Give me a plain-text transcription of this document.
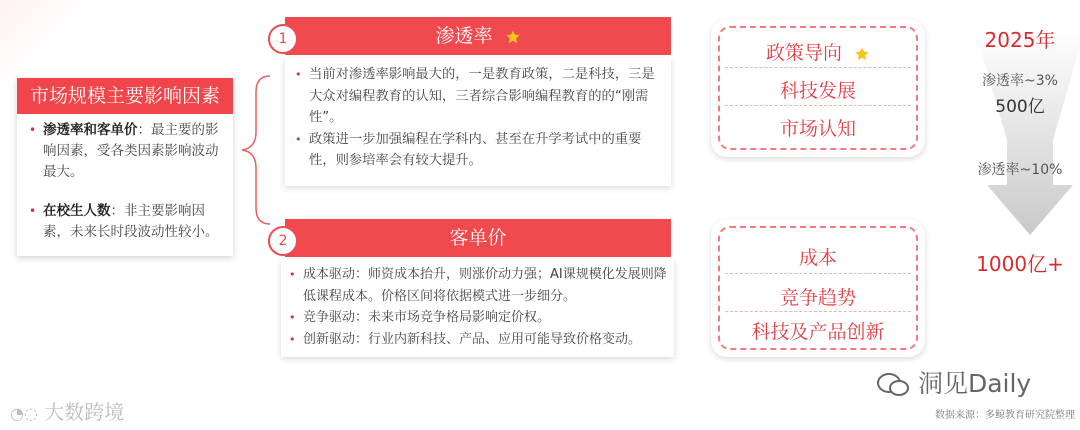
市场规模主要影响因素
• 渗透率和客单价：最主要的影响因素，受各类因素影响波动最大。
• 在校生人数：非主要影响因素，未来长时段波动性较小。
渗透率
1
• 当前对渗透率影响最大的，一是教育政策，二是科技，三是大众对编程教育的认知，三者综合影响编程教育的的“刚需性”。
• 政策进一步加强编程在学科内、甚至在升学考试中的重要性，则参培率会有较大提升。
客单价
2
• 成本驱动：师资成本抬升，则涨价动力强；AI课规模化发展则降低课程成本。价格区间将依据模式进一步细分。
• 竞争驱动：未来市场竞争格局影响定价权。
• 创新驱动：行业内新科技、产品、应用可能导致价格变动。
政策导向
科技发展
市场认知
成本
竞争趋势
科技及产品创新
2025年
渗透率~3%
500亿
渗透率~10%
1000亿+
洞见Daily
◔◌ 大数跨境	数据来源：多鲸教育研究院整理
